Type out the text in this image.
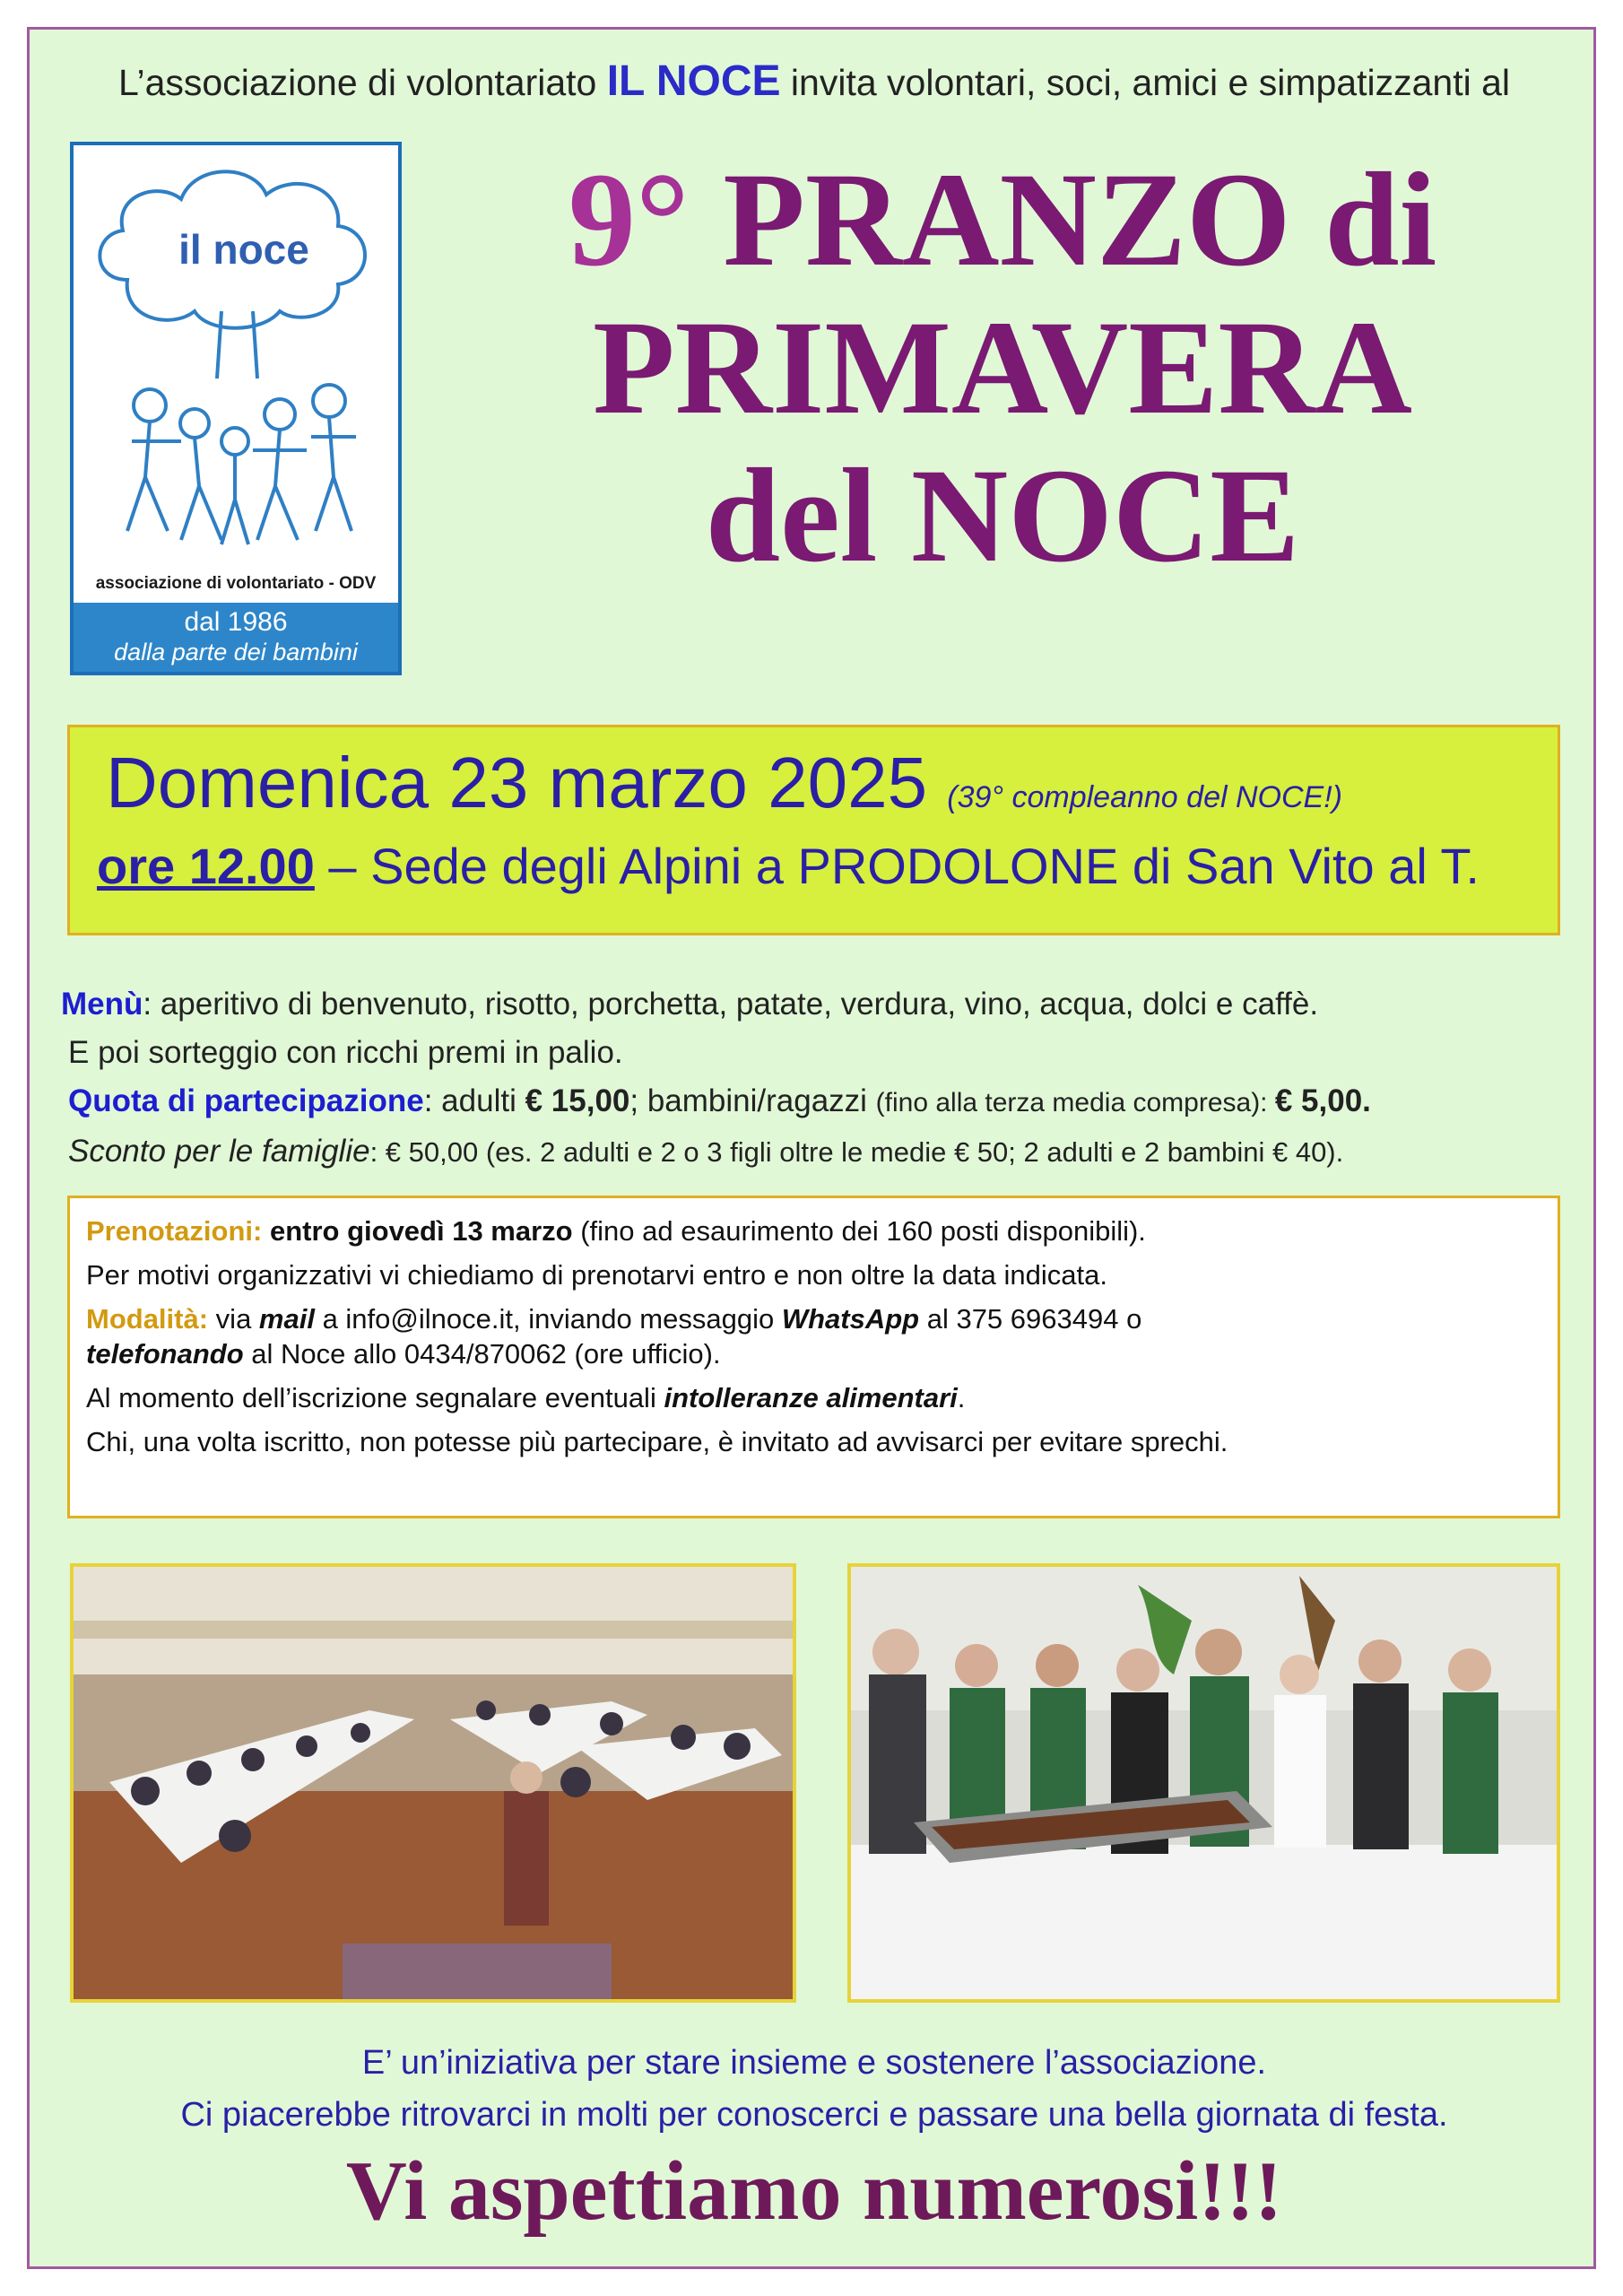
L’associazione di volontariato IL NOCE invita volontari, soci, amici e simpatizzanti al
il noce
associazione di volontariato - ODV
dal 1986
dalla parte dei bambini
9° PRANZO di
PRIMAVERA
del NOCE
Domenica 23 marzo 2025 (39° compleanno del NOCE!)
ore 12.00 – Sede degli Alpini a PRODOLONE di San Vito al T.

Menù: aperitivo di benvenuto, risotto, porchetta, patate, verdura, vino, acqua, dolci e caffè.

E poi sorteggio con ricchi premi in palio.

Quota di partecipazione: adulti € 15,00; bambini/ragazzi (fino alla terza media compresa): € 5,00.

Sconto per le famiglie: € 50,00 (es. 2 adulti e 2 o 3 figli oltre le medie € 50; 2 adulti e 2 bambini € 40).

Prenotazioni: entro giovedì 13 marzo (fino ad esaurimento dei 160 posti disponibili).

Per motivi organizzativi vi chiediamo di prenotarvi entro e non oltre la data indicata.

Modalità: via mail a info@ilnoce.it, inviando messaggio WhatsApp al 375 6963494 o

telefonando al Noce allo 0434/870062 (ore ufficio).

Al momento dell’iscrizione segnalare eventuali intolleranze alimentari.

Chi, una volta iscritto, non potesse più partecipare, è invitato ad avvisarci per evitare sprechi.

E’ un’iniziativa per stare insieme e sostenere l’associazione.

Ci piacerebbe ritrovarci in molti per conoscerci e passare una bella giornata di festa.

Vi aspettiamo numerosi!!!
